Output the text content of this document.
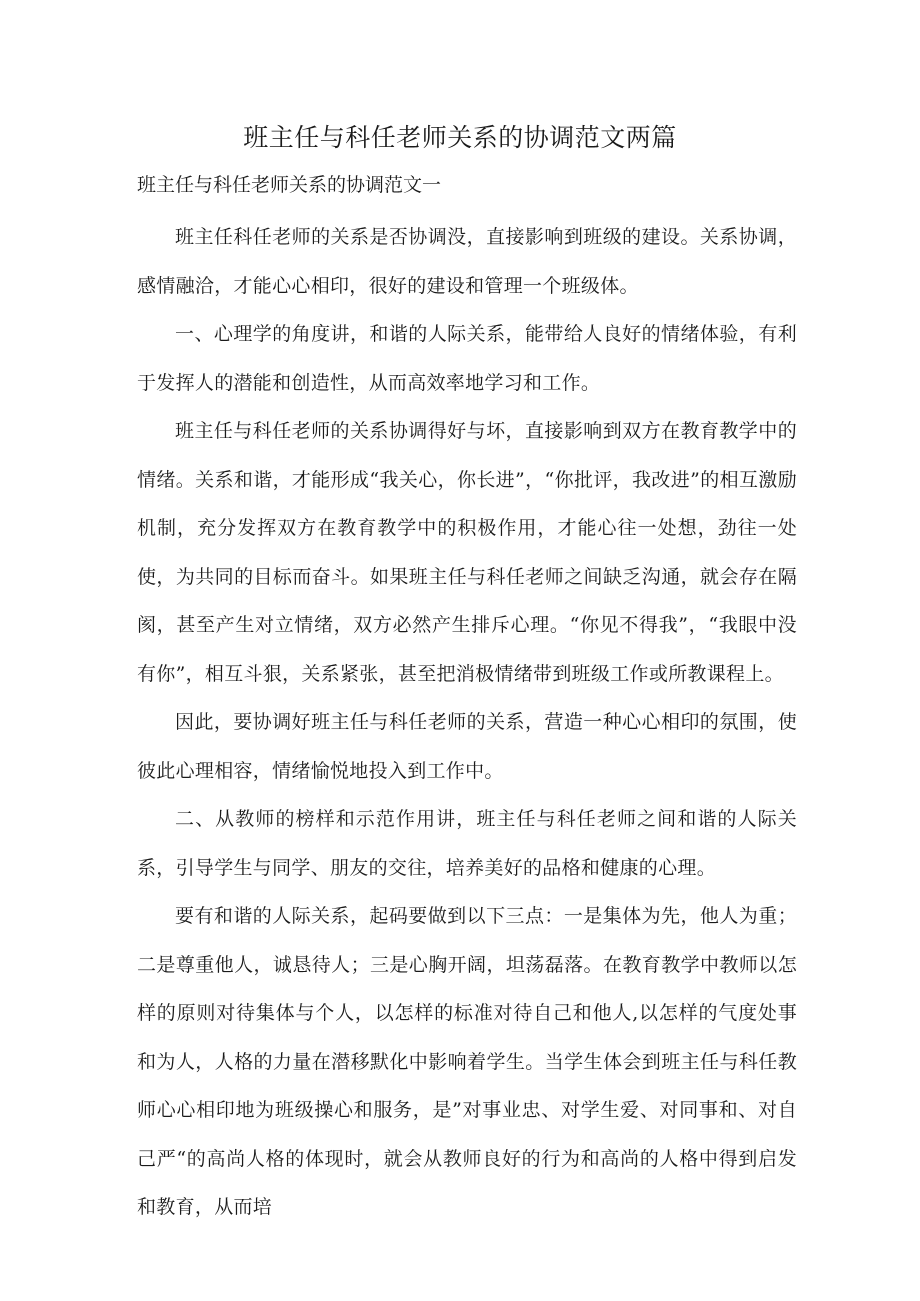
班主任与科任老师关系的协调范文两篇
班主任与科任老师关系的协调范文一

班主任科任老师的关系是否协调没，直接影响到班级的建设。关系协调，感情融洽，才能心心相印，很好的建设和管理一个班级体。

一、心理学的角度讲，和谐的人际关系，能带给人良好的情绪体验，有利于发挥人的潜能和创造性，从而高效率地学习和工作。

班主任与科任老师的关系协调得好与坏，直接影响到双方在教育教学中的情绪。关系和谐，才能形成“我关心，你长进”，“你批评，我改进”的相互激励机制，充分发挥双方在教育教学中的积极作用，才能心往一处想，劲往一处使，为共同的目标而奋斗。如果班主任与科任老师之间缺乏沟通，就会存在隔阂，甚至产生对立情绪，双方必然产生排斥心理。“你见不得我”，“我眼中没有你”，相互斗狠，关系紧张，甚至把消极情绪带到班级工作或所教课程上。

因此，要协调好班主任与科任老师的关系，营造一种心心相印的氛围，使彼此心理相容，情绪愉悦地投入到工作中。

二、从教师的榜样和示范作用讲，班主任与科任老师之间和谐的人际关系，引导学生与同学、朋友的交往，培养美好的品格和健康的心理。

要有和谐的人际关系，起码要做到以下三点：一是集体为先，他人为重；二是尊重他人，诚恳待人；三是心胸开阔，坦荡磊落。在教育教学中教师以怎样的原则对待集体与个人，以怎样的标准对待自己和他人,以怎样的气度处事和为人，人格的力量在潜移默化中影响着学生。当学生体会到班主任与科任教师心心相印地为班级操心和服务，是”对事业忠、对学生爱、对同事和、对自己严“的高尚人格的体现时，就会从教师良好的行为和高尚的人格中得到启发和教育，从而培
